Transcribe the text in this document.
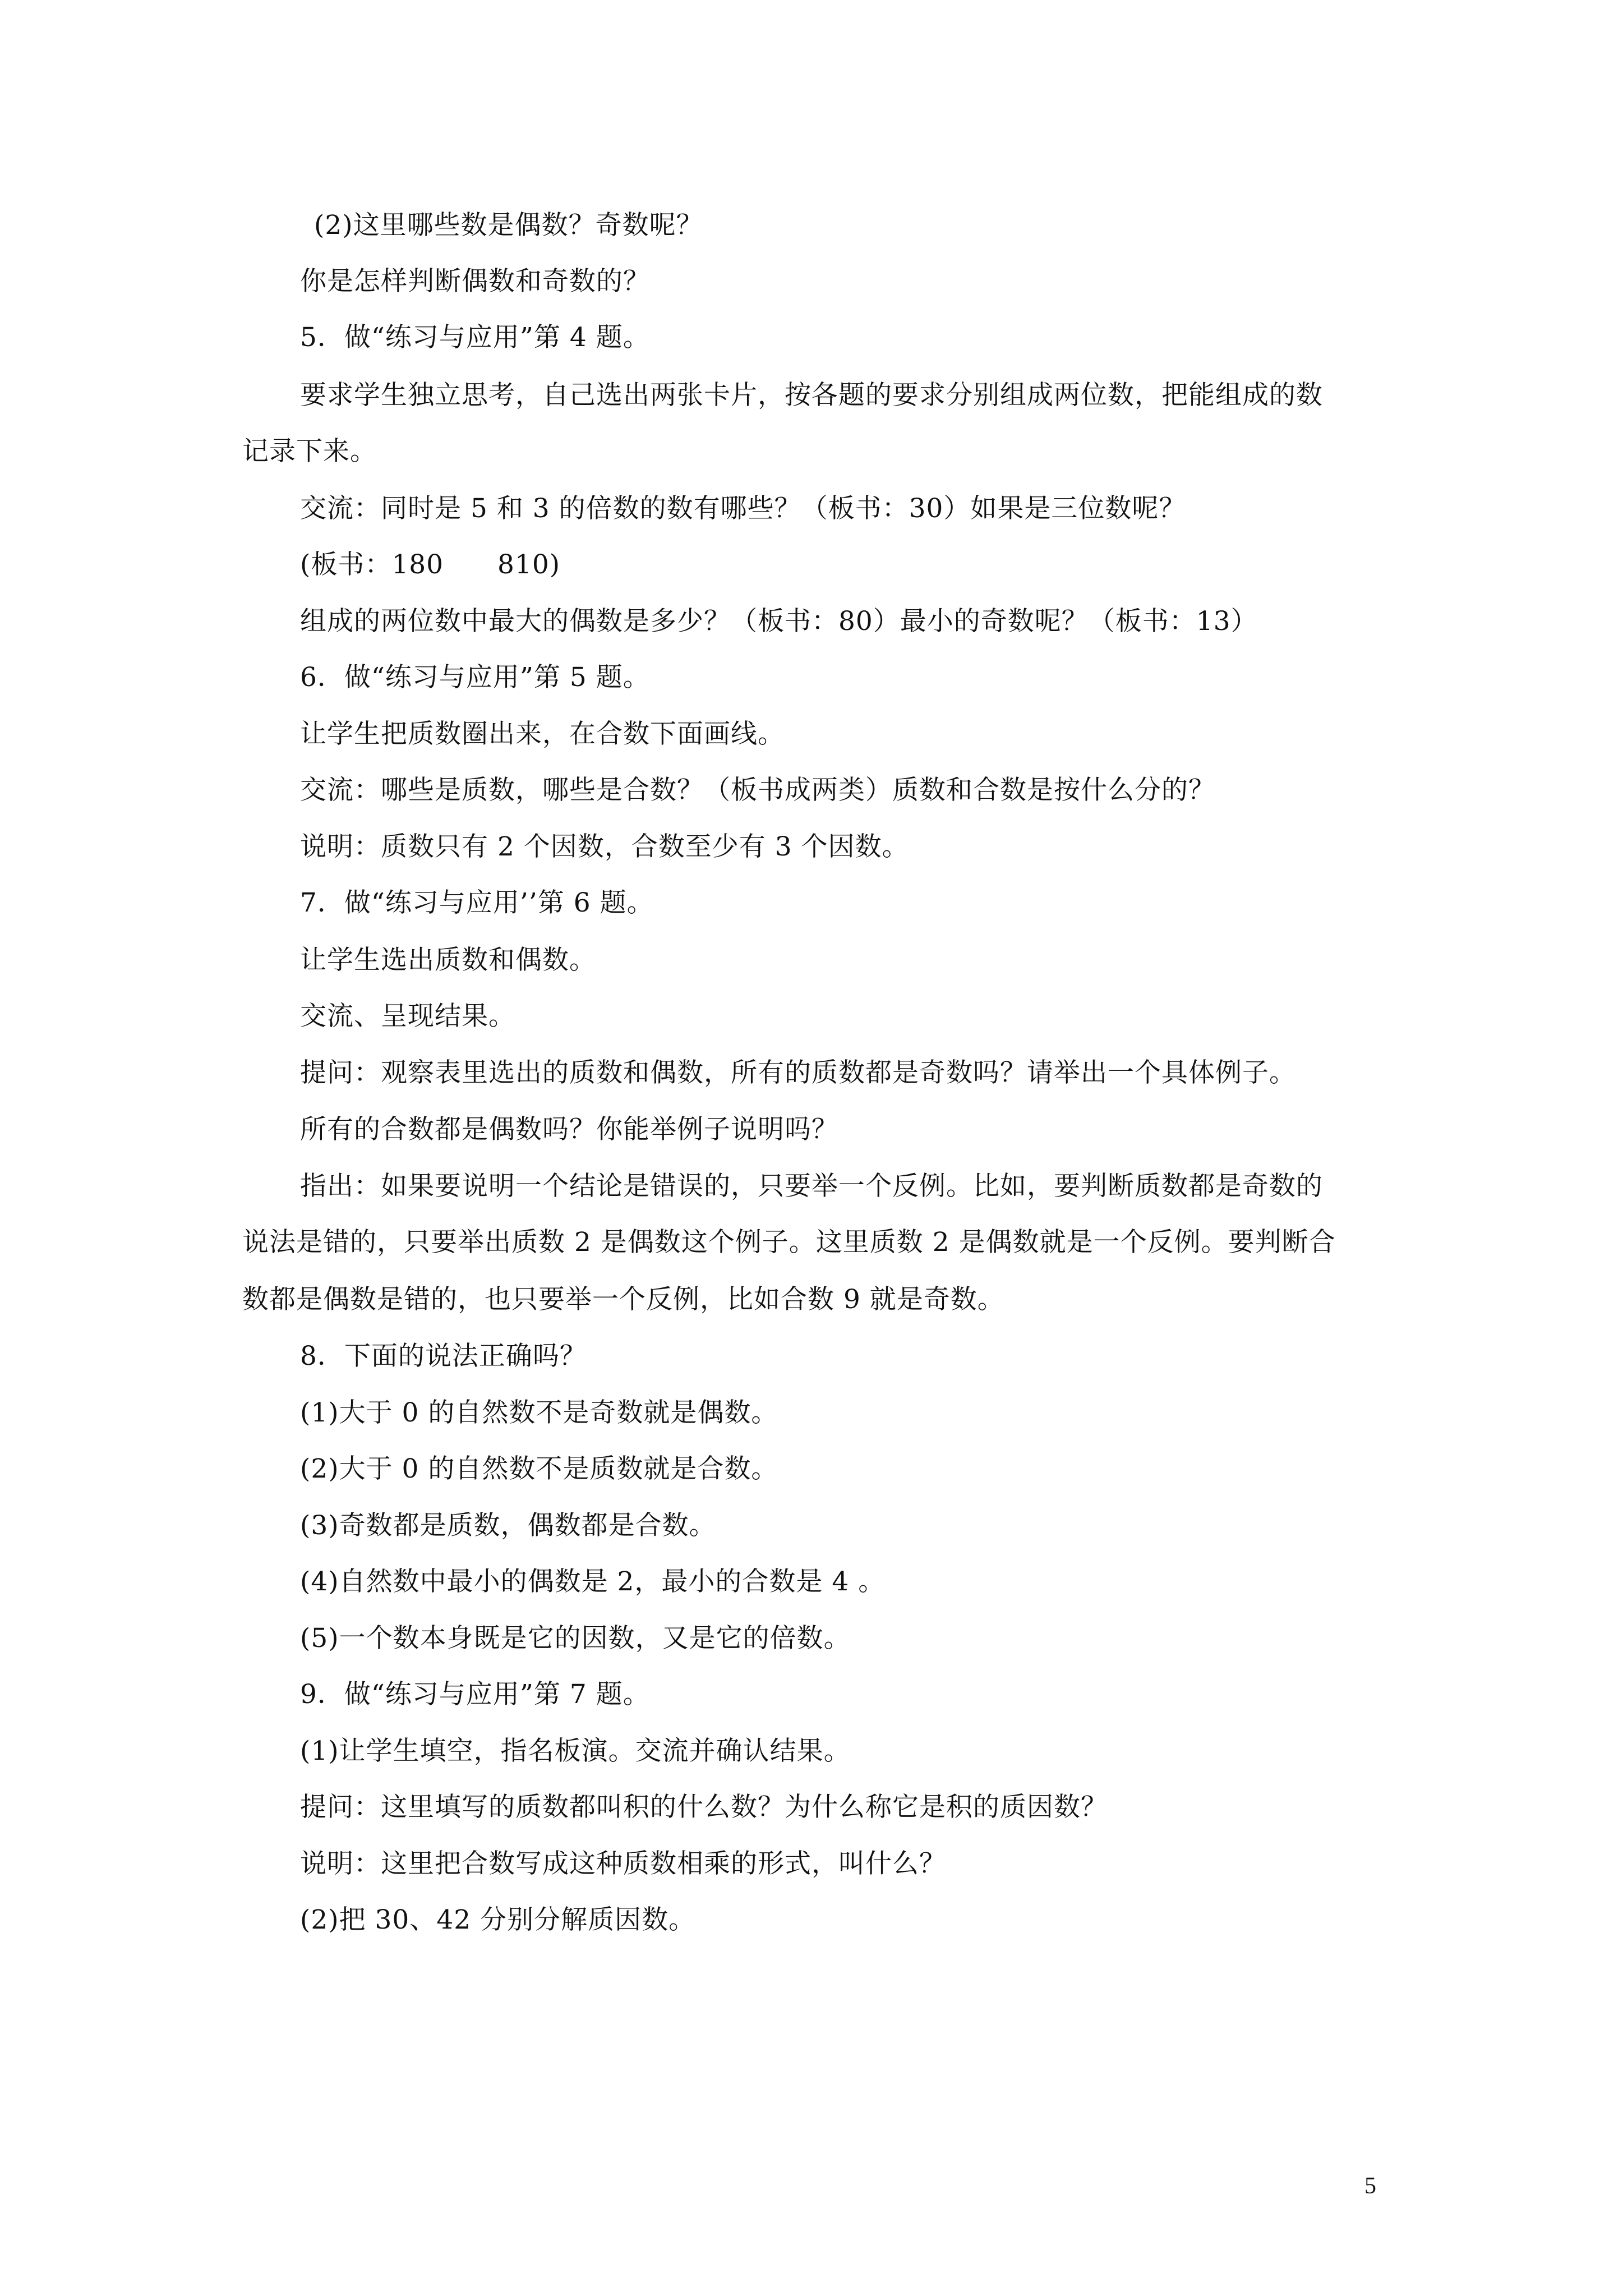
(2)这里哪些数是偶数？奇数呢？
你是怎样判断偶数和奇数的？
5．做“练习与应用”第 4 题。
要求学生独立思考，自己选出两张卡片，按各题的要求分别组成两位数，把能组成的数
记录下来。
交流：同时是 5 和 3 的倍数的数有哪些？（板书：30）如果是三位数呢？
(板书：180　　810)
组成的两位数中最大的偶数是多少？（板书：80）最小的奇数呢？（板书：13）
6．做“练习与应用”第 5 题。
让学生把质数圈出来，在合数下面画线。
交流：哪些是质数，哪些是合数？（板书成两类）质数和合数是按什么分的？
说明：质数只有 2 个因数，合数至少有 3 个因数。
7．做“练习与应用’’第 6 题。
让学生选出质数和偶数。
交流、呈现结果。
提问：观察表里选出的质数和偶数，所有的质数都是奇数吗？请举出一个具体例子。
所有的合数都是偶数吗？你能举例子说明吗？
指出：如果要说明一个结论是错误的，只要举一个反例。比如，要判断质数都是奇数的
说法是错的，只要举出质数 2 是偶数这个例子。这里质数 2 是偶数就是一个反例。要判断合
数都是偶数是错的，也只要举一个反例，比如合数 9 就是奇数。
8．下面的说法正确吗？
(1)大于 0 的自然数不是奇数就是偶数。
(2)大于 0 的自然数不是质数就是合数。
(3)奇数都是质数，偶数都是合数。
(4)自然数中最小的偶数是 2，最小的合数是 4 。
(5)一个数本身既是它的因数，又是它的倍数。
9．做“练习与应用”第 7 题。
(1)让学生填空，指名板演。交流并确认结果。
提问：这里填写的质数都叫积的什么数？为什么称它是积的质因数？
说明：这里把合数写成这种质数相乘的形式，叫什么？
(2)把 30、42 分别分解质因数。
5
